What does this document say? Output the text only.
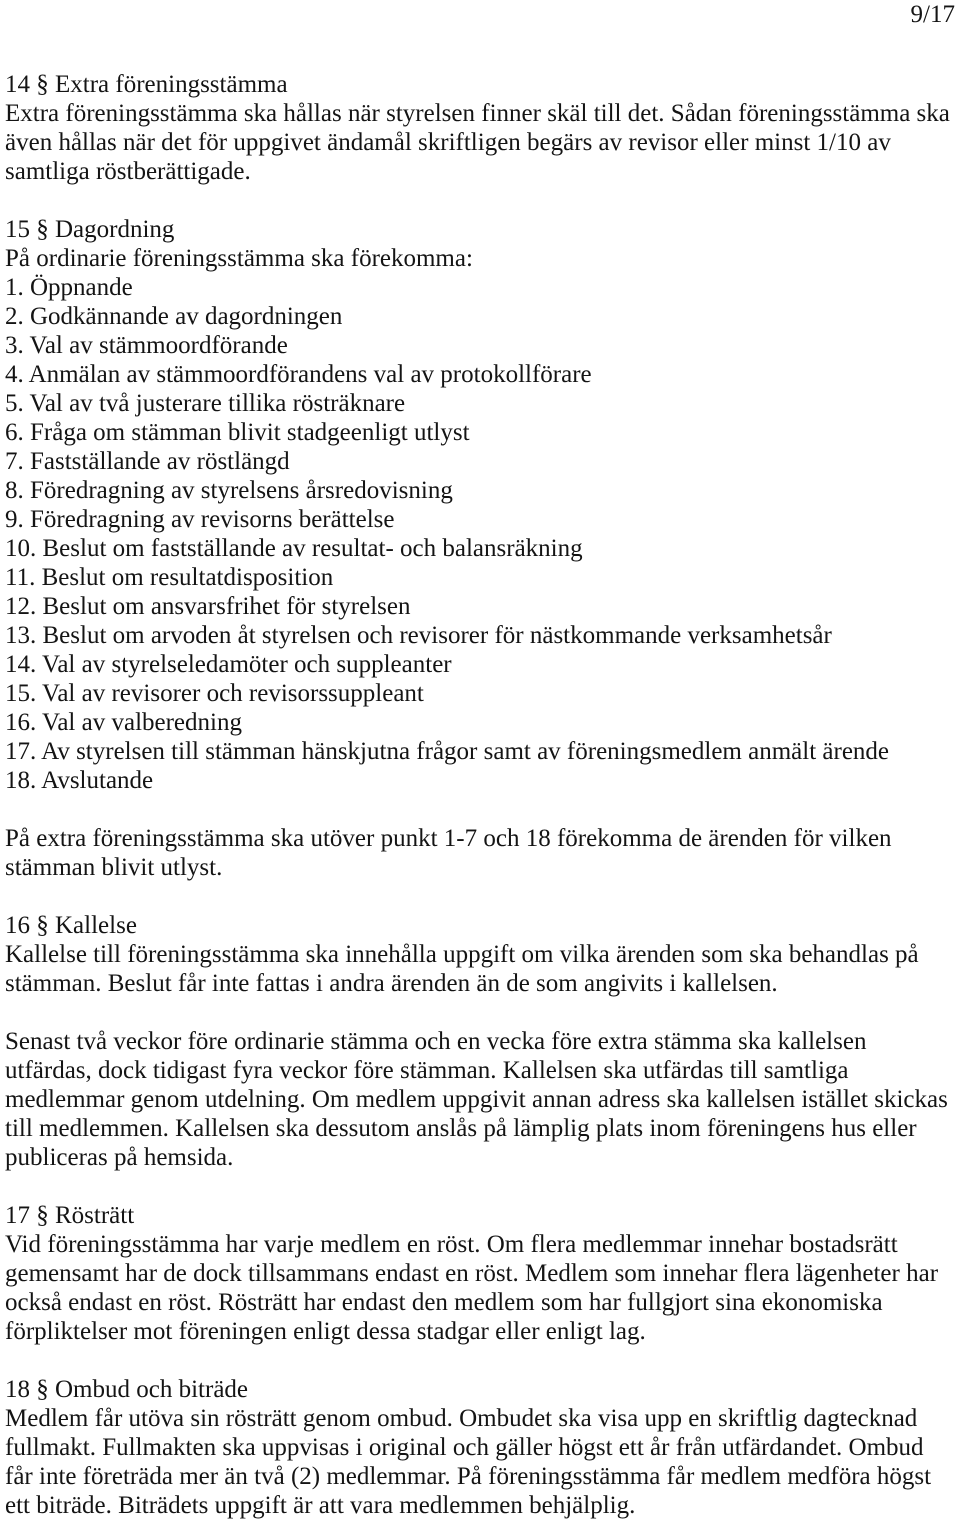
9/17
14 § Extra föreningsstämma
Extra föreningsstämma ska hållas när styrelsen finner skäl till det. Sådan föreningsstämma ska
även hållas när det för uppgivet ändamål skriftligen begärs av revisor eller minst 1/10 av
samtliga röstberättigade.
15 § Dagordning
På ordinarie föreningsstämma ska förekomma:
1. Öppnande
2. Godkännande av dagordningen
3. Val av stämmoordförande
4. Anmälan av stämmoordförandens val av protokollförare
5. Val av två justerare tillika rösträknare
6. Fråga om stämman blivit stadgeenligt utlyst
7. Fastställande av röstlängd
8. Föredragning av styrelsens årsredovisning
9. Föredragning av revisorns berättelse
10. Beslut om fastställande av resultat- och balansräkning
11. Beslut om resultatdisposition
12. Beslut om ansvarsfrihet för styrelsen
13. Beslut om arvoden åt styrelsen och revisorer för nästkommande verksamhetsår
14. Val av styrelseledamöter och suppleanter
15. Val av revisorer och revisorssuppleant
16. Val av valberedning
17. Av styrelsen till stämman hänskjutna frågor samt av föreningsmedlem anmält ärende
18. Avslutande
På extra föreningsstämma ska utöver punkt 1-7 och 18 förekomma de ärenden för vilken
stämman blivit utlyst.
16 § Kallelse
Kallelse till föreningsstämma ska innehålla uppgift om vilka ärenden som ska behandlas på
stämman. Beslut får inte fattas i andra ärenden än de som angivits i kallelsen.
Senast två veckor före ordinarie stämma och en vecka före extra stämma ska kallelsen
utfärdas, dock tidigast fyra veckor före stämman. Kallelsen ska utfärdas till samtliga
medlemmar genom utdelning. Om medlem uppgivit annan adress ska kallelsen istället skickas
till medlemmen. Kallelsen ska dessutom anslås på lämplig plats inom föreningens hus eller
publiceras på hemsida.
17 § Rösträtt
Vid föreningsstämma har varje medlem en röst. Om flera medlemmar innehar bostadsrätt
gemensamt har de dock tillsammans endast en röst. Medlem som innehar flera lägenheter har
också endast en röst. Rösträtt har endast den medlem som har fullgjort sina ekonomiska
förpliktelser mot föreningen enligt dessa stadgar eller enligt lag.
18 § Ombud och biträde
Medlem får utöva sin rösträtt genom ombud. Ombudet ska visa upp en skriftlig dagtecknad
fullmakt. Fullmakten ska uppvisas i original och gäller högst ett år från utfärdandet. Ombud
får inte företräda mer än två (2) medlemmar. På föreningsstämma får medlem medföra högst
ett biträde. Biträdets uppgift är att vara medlemmen behjälplig.
